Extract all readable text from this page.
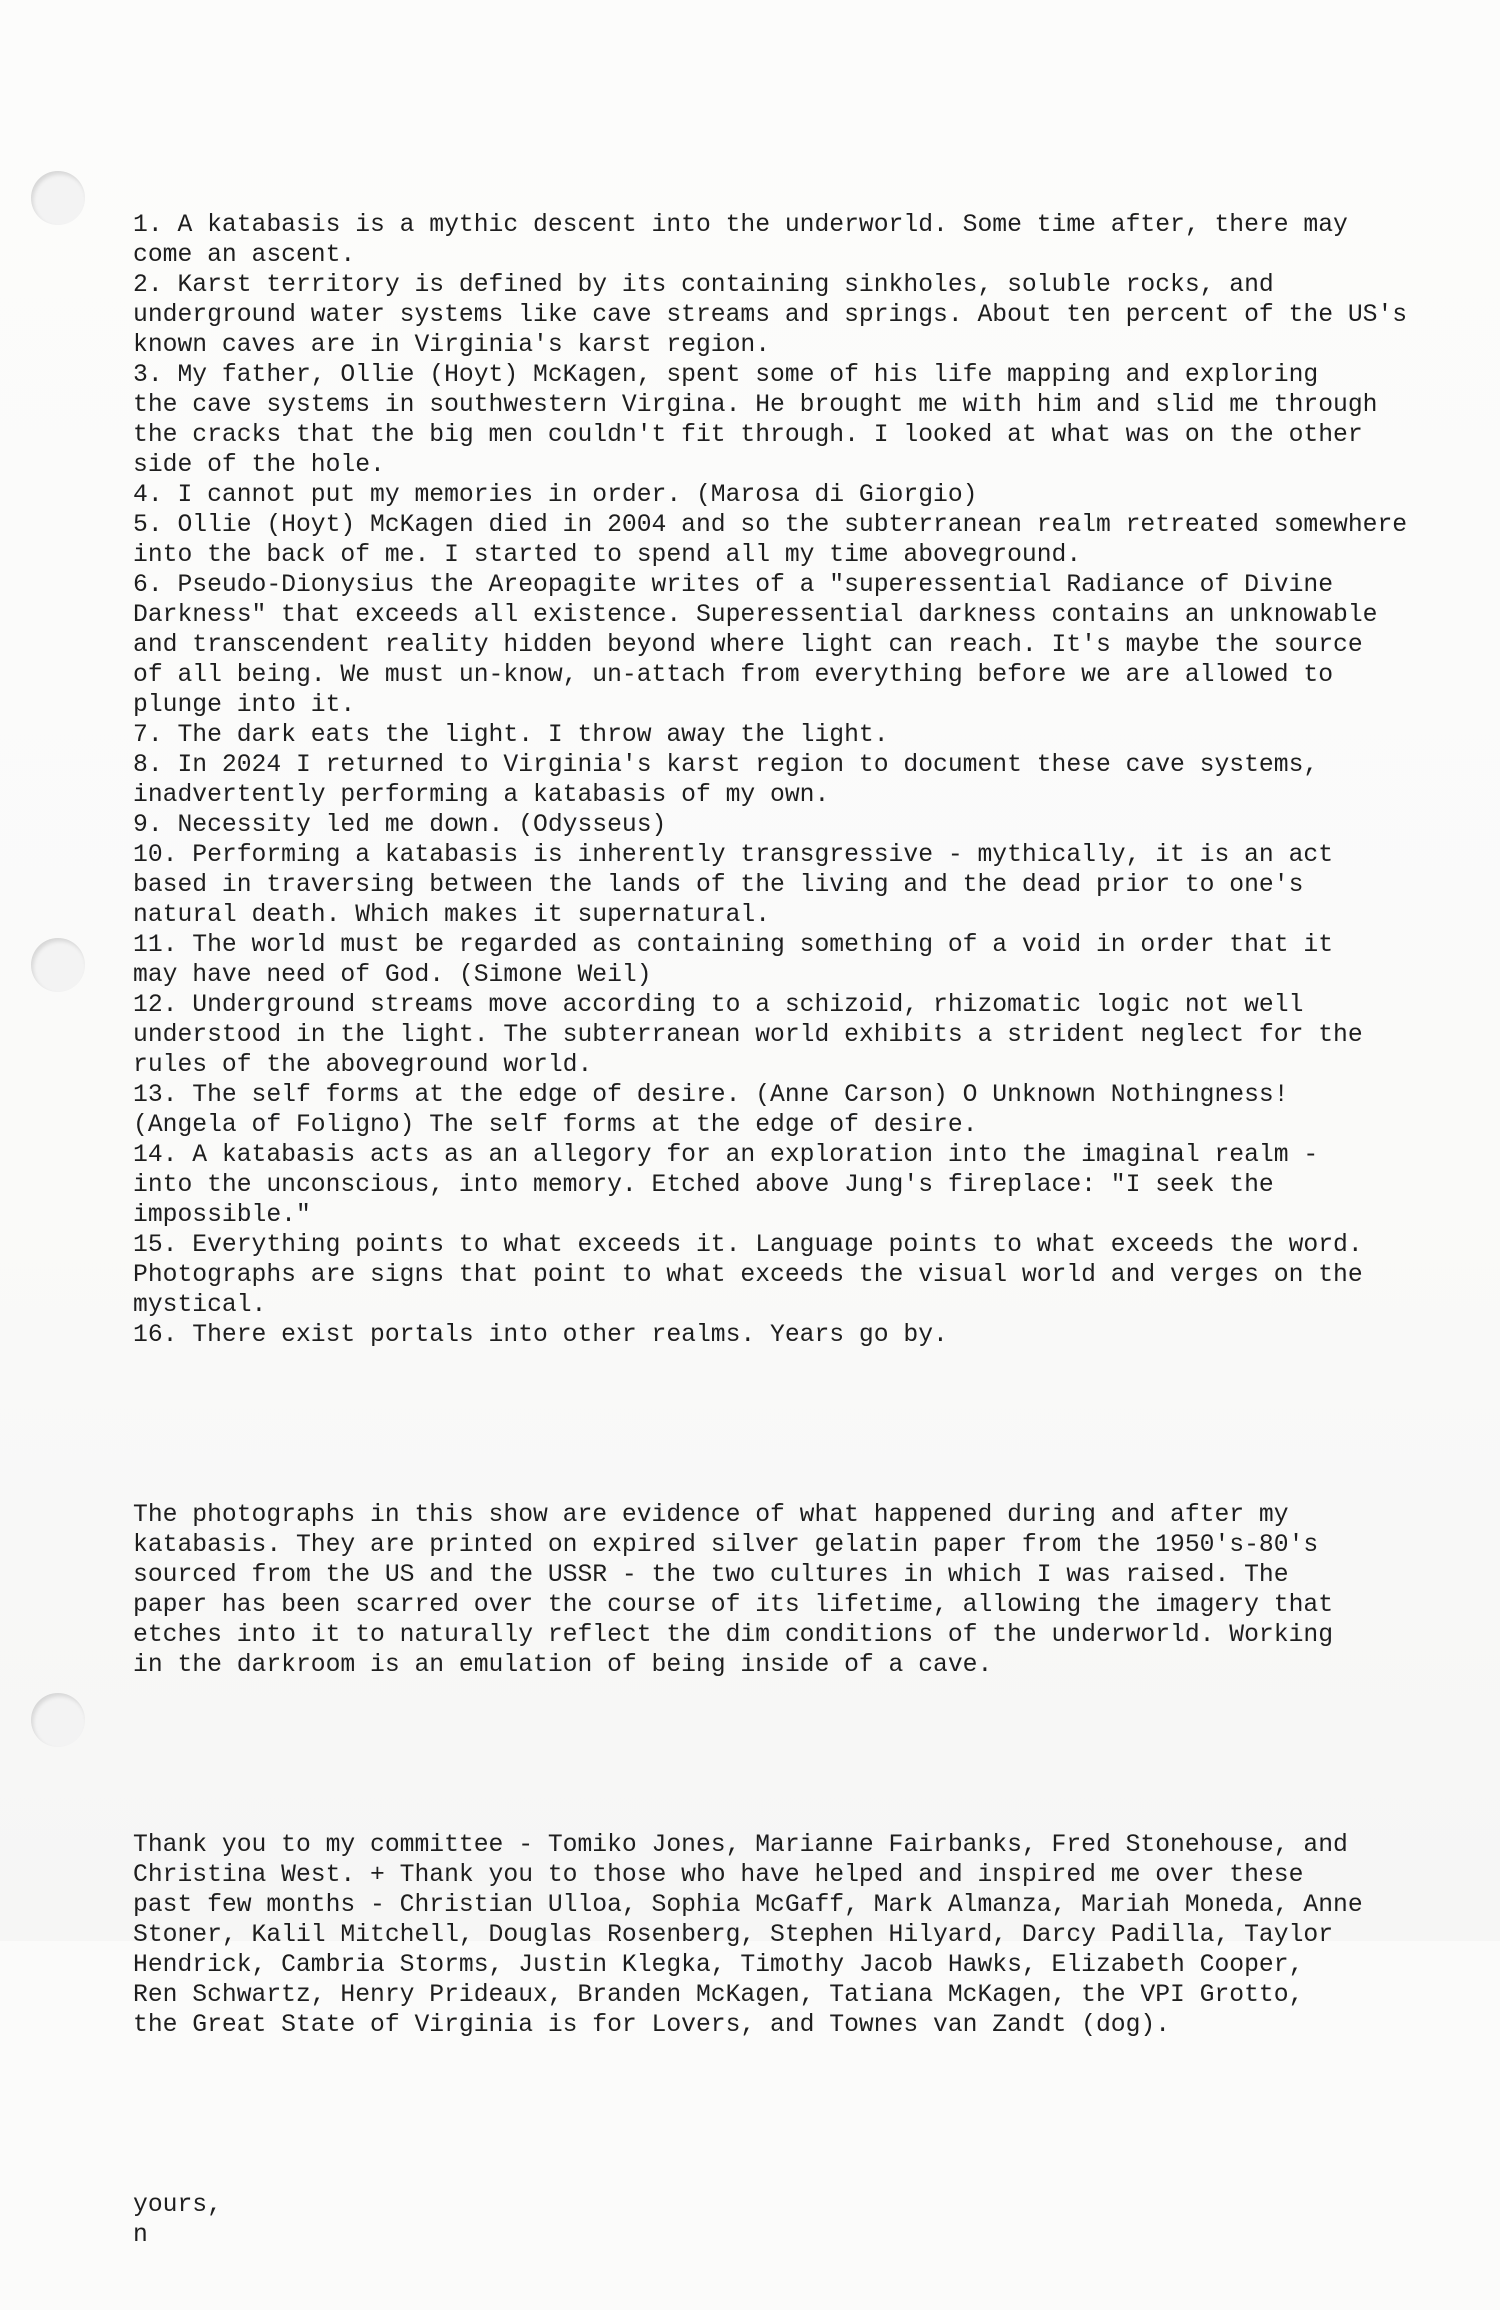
1. A katabasis is a mythic descent into the underworld. Some time after, there may
come an ascent.
2. Karst territory is defined by its containing sinkholes, soluble rocks, and
underground water systems like cave streams and springs. About ten percent of the US's
known caves are in Virginia's karst region.
3. My father, Ollie (Hoyt) McKagen, spent some of his life mapping and exploring
the cave systems in southwestern Virgina. He brought me with him and slid me through
the cracks that the big men couldn't fit through. I looked at what was on the other
side of the hole.
4. I cannot put my memories in order. (Marosa di Giorgio)
5. Ollie (Hoyt) McKagen died in 2004 and so the subterranean realm retreated somewhere
into the back of me. I started to spend all my time aboveground.
6. Pseudo-Dionysius the Areopagite writes of a "superessential Radiance of Divine
Darkness" that exceeds all existence. Superessential darkness contains an unknowable
and transcendent reality hidden beyond where light can reach. It's maybe the source
of all being. We must un-know, un-attach from everything before we are allowed to
plunge into it.
7. The dark eats the light. I throw away the light.
8. In 2024 I returned to Virginia's karst region to document these cave systems,
inadvertently performing a katabasis of my own.
9. Necessity led me down. (Odysseus)
10. Performing a katabasis is inherently transgressive - mythically, it is an act
based in traversing between the lands of the living and the dead prior to one's
natural death. Which makes it supernatural.
11. The world must be regarded as containing something of a void in order that it
may have need of God. (Simone Weil)
12. Underground streams move according to a schizoid, rhizomatic logic not well
understood in the light. The subterranean world exhibits a strident neglect for the
rules of the aboveground world.
13. The self forms at the edge of desire. (Anne Carson) O Unknown Nothingness!
(Angela of Foligno) The self forms at the edge of desire.
14. A katabasis acts as an allegory for an exploration into the imaginal realm -
into the unconscious, into memory. Etched above Jung's fireplace: "I seek the
impossible."
15. Everything points to what exceeds it. Language points to what exceeds the word.
Photographs are signs that point to what exceeds the visual world and verges on the
mystical.
16. There exist portals into other realms. Years go by.

The photographs in this show are evidence of what happened during and after my
katabasis. They are printed on expired silver gelatin paper from the 1950's-80's
sourced from the US and the USSR - the two cultures in which I was raised. The
paper has been scarred over the course of its lifetime, allowing the imagery that
etches into it to naturally reflect the dim conditions of the underworld. Working
in the darkroom is an emulation of being inside of a cave.

Thank you to my committee - Tomiko Jones, Marianne Fairbanks, Fred Stonehouse, and
Christina West. + Thank you to those who have helped and inspired me over these
past few months - Christian Ulloa, Sophia McGaff, Mark Almanza, Mariah Moneda, Anne
Stoner, Kalil Mitchell, Douglas Rosenberg, Stephen Hilyard, Darcy Padilla, Taylor
Hendrick, Cambria Storms, Justin Klegka, Timothy Jacob Hawks, Elizabeth Cooper,
Ren Schwartz, Henry Prideaux, Branden McKagen, Tatiana McKagen, the VPI Grotto,
the Great State of Virginia is for Lovers, and Townes van Zandt (dog).

yours,
n
